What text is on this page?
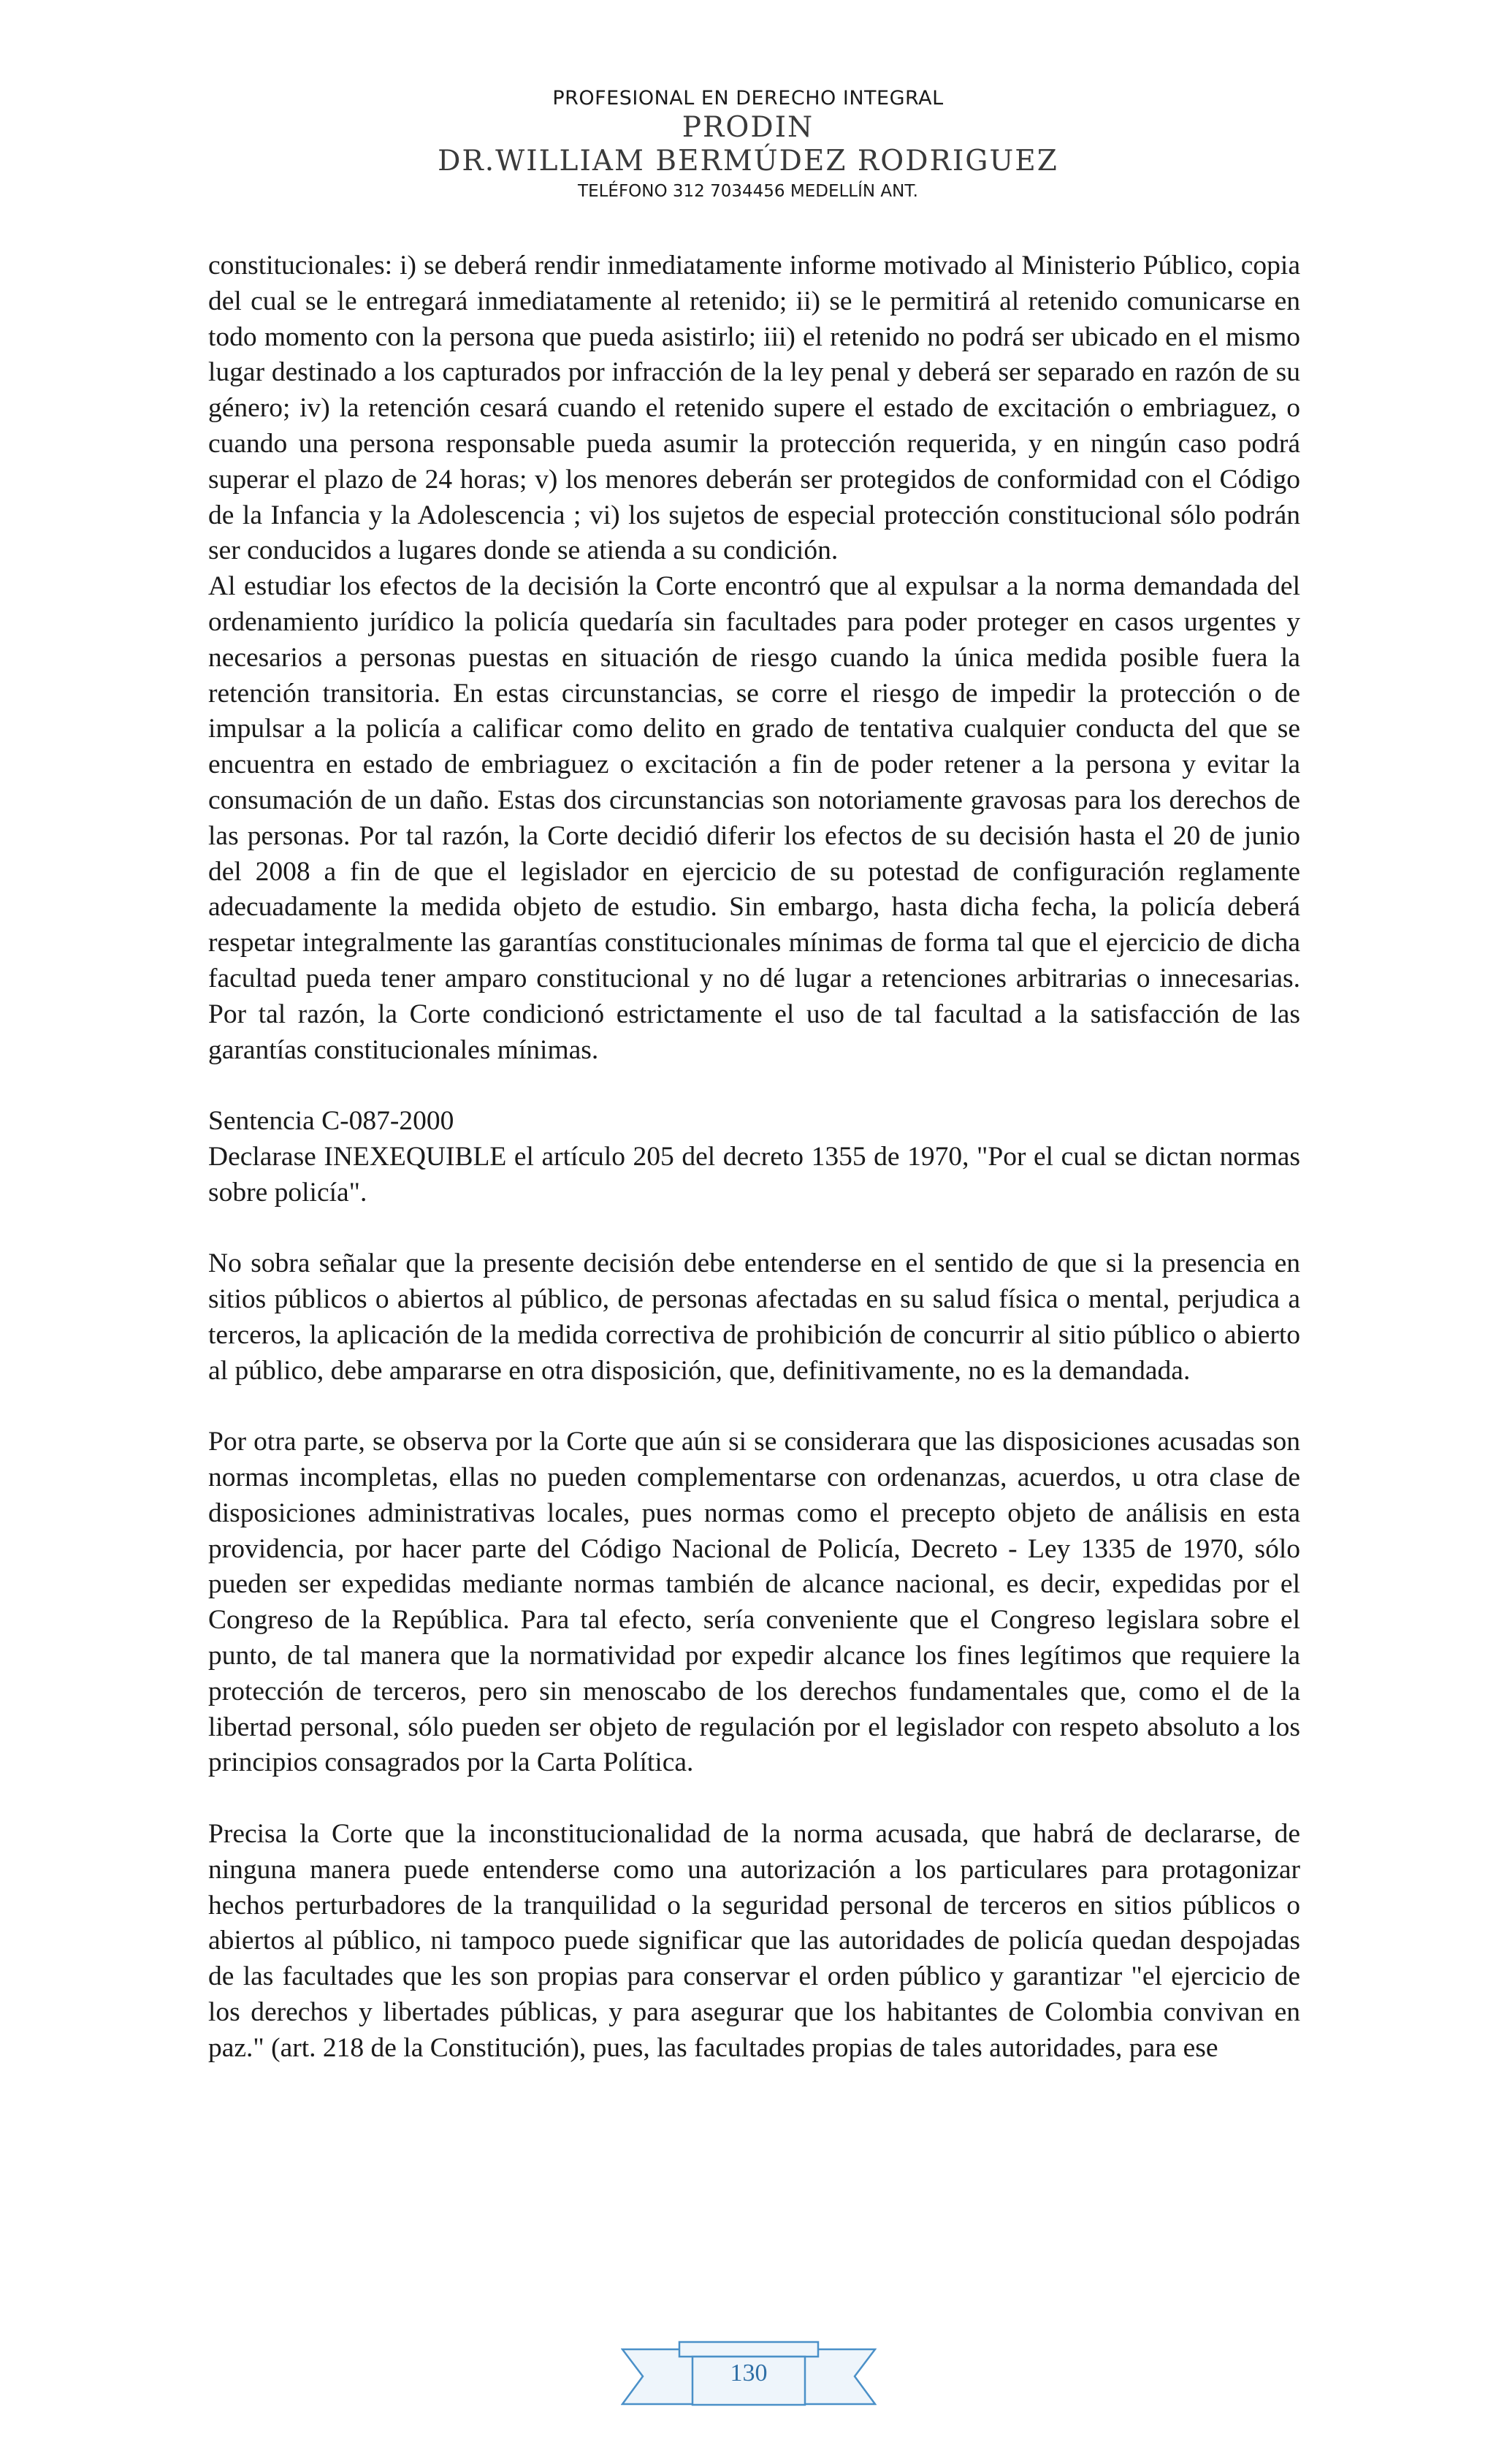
PROFESIONAL EN DERECHO INTEGRAL
PRODIN
DR.WILLIAM BERMÚDEZ RODRIGUEZ
TELÉFONO 312 7034456 MEDELLÍN ANT.

constitucionales: i) se deberá rendir inmediatamente informe motivado al Ministerio Público, copia del cual se le entregará inmediatamente al retenido; ii) se le permitirá al retenido comunicarse en todo momento con la persona que pueda asistirlo; iii) el retenido no podrá ser ubicado en el mismo lugar destinado a los capturados por infracción de la ley penal y deberá ser separado en razón de su género; iv) la retención cesará cuando el retenido supere el estado de excitación o embriaguez, o cuando una persona responsable pueda asumir la protección requerida, y en ningún caso podrá superar el plazo de 24 horas; v) los menores deberán ser protegidos de conformidad con el Código de la Infancia y la Adolescencia ; vi) los sujetos de especial protección constitucional sólo podrán ser conducidos a lugares donde se atienda a su condición.

Al estudiar los efectos de la decisión la Corte encontró que al expulsar a la norma demandada del ordenamiento jurídico la policía quedaría sin facultades para poder proteger en casos urgentes y necesarios a personas puestas en situación de riesgo cuando la única medida posible fuera la retención transitoria. En estas circunstancias, se corre el riesgo de impedir la protección o de impulsar a la policía a calificar como delito en grado de tentativa cualquier conducta del que se encuentra en estado de embriaguez o excitación a fin de poder retener a la persona y evitar la consumación de un daño. Estas dos circunstancias son notoriamente gravosas para los derechos de las personas. Por tal razón, la Corte decidió diferir los efectos de su decisión hasta el 20 de junio del 2008 a fin de que el legislador en ejercicio de su potestad de configuración reglamente adecuadamente la medida objeto de estudio. Sin embargo, hasta dicha fecha, la policía deberá respetar integralmente las garantías constitucionales mínimas de forma tal que el ejercicio de dicha facultad pueda tener amparo constitucional y no dé lugar a retenciones arbitrarias o innecesarias. Por tal razón, la Corte condicionó estrictamente el uso de tal facultad a la satisfacción de las garantías constitucionales mínimas.

Sentencia C-087-2000

Declarase INEXEQUIBLE el artículo 205 del decreto 1355 de 1970, "Por el cual se dictan normas sobre policía".

No sobra señalar que la presente decisión debe entenderse en el sentido de que si la presencia en sitios públicos o abiertos al público, de personas afectadas en su salud física o mental, perjudica a terceros, la aplicación de la medida correctiva de prohibición de concurrir al sitio público o abierto al público, debe ampararse en otra disposición, que, definitivamente, no es la demandada.

Por otra parte, se observa por la Corte que aún si se considerara que las disposiciones acusadas son normas incompletas, ellas no pueden complementarse con ordenanzas, acuerdos, u otra clase de disposiciones administrativas locales, pues normas como el precepto objeto de análisis en esta providencia, por hacer parte del Código Nacional de Policía, Decreto - Ley 1335 de 1970, sólo pueden ser expedidas mediante normas también de alcance nacional, es decir, expedidas por el Congreso de la República. Para tal efecto, sería conveniente que el Congreso legislara sobre el punto, de tal manera que la normatividad por expedir alcance los fines legítimos que requiere la protección de terceros, pero sin menoscabo de los derechos fundamentales que, como el de la libertad personal, sólo pueden ser objeto de regulación por el legislador con respeto absoluto a los principios consagrados por la Carta Política.

Precisa la Corte que la inconstitucionalidad de la norma acusada, que habrá de declararse, de ninguna manera puede entenderse como una autorización a los particulares para protagonizar hechos perturbadores de la tranquilidad o la seguridad personal de terceros en sitios públicos o abiertos al público, ni tampoco puede significar que las autoridades de policía quedan despojadas de las facultades que les son propias para conservar el orden público y garantizar "el ejercicio de los derechos y libertades públicas, y para asegurar que los habitantes de Colombia convivan en paz." (art. 218 de la Constitución), pues, las facultades propias de tales autoridades, para ese

130
